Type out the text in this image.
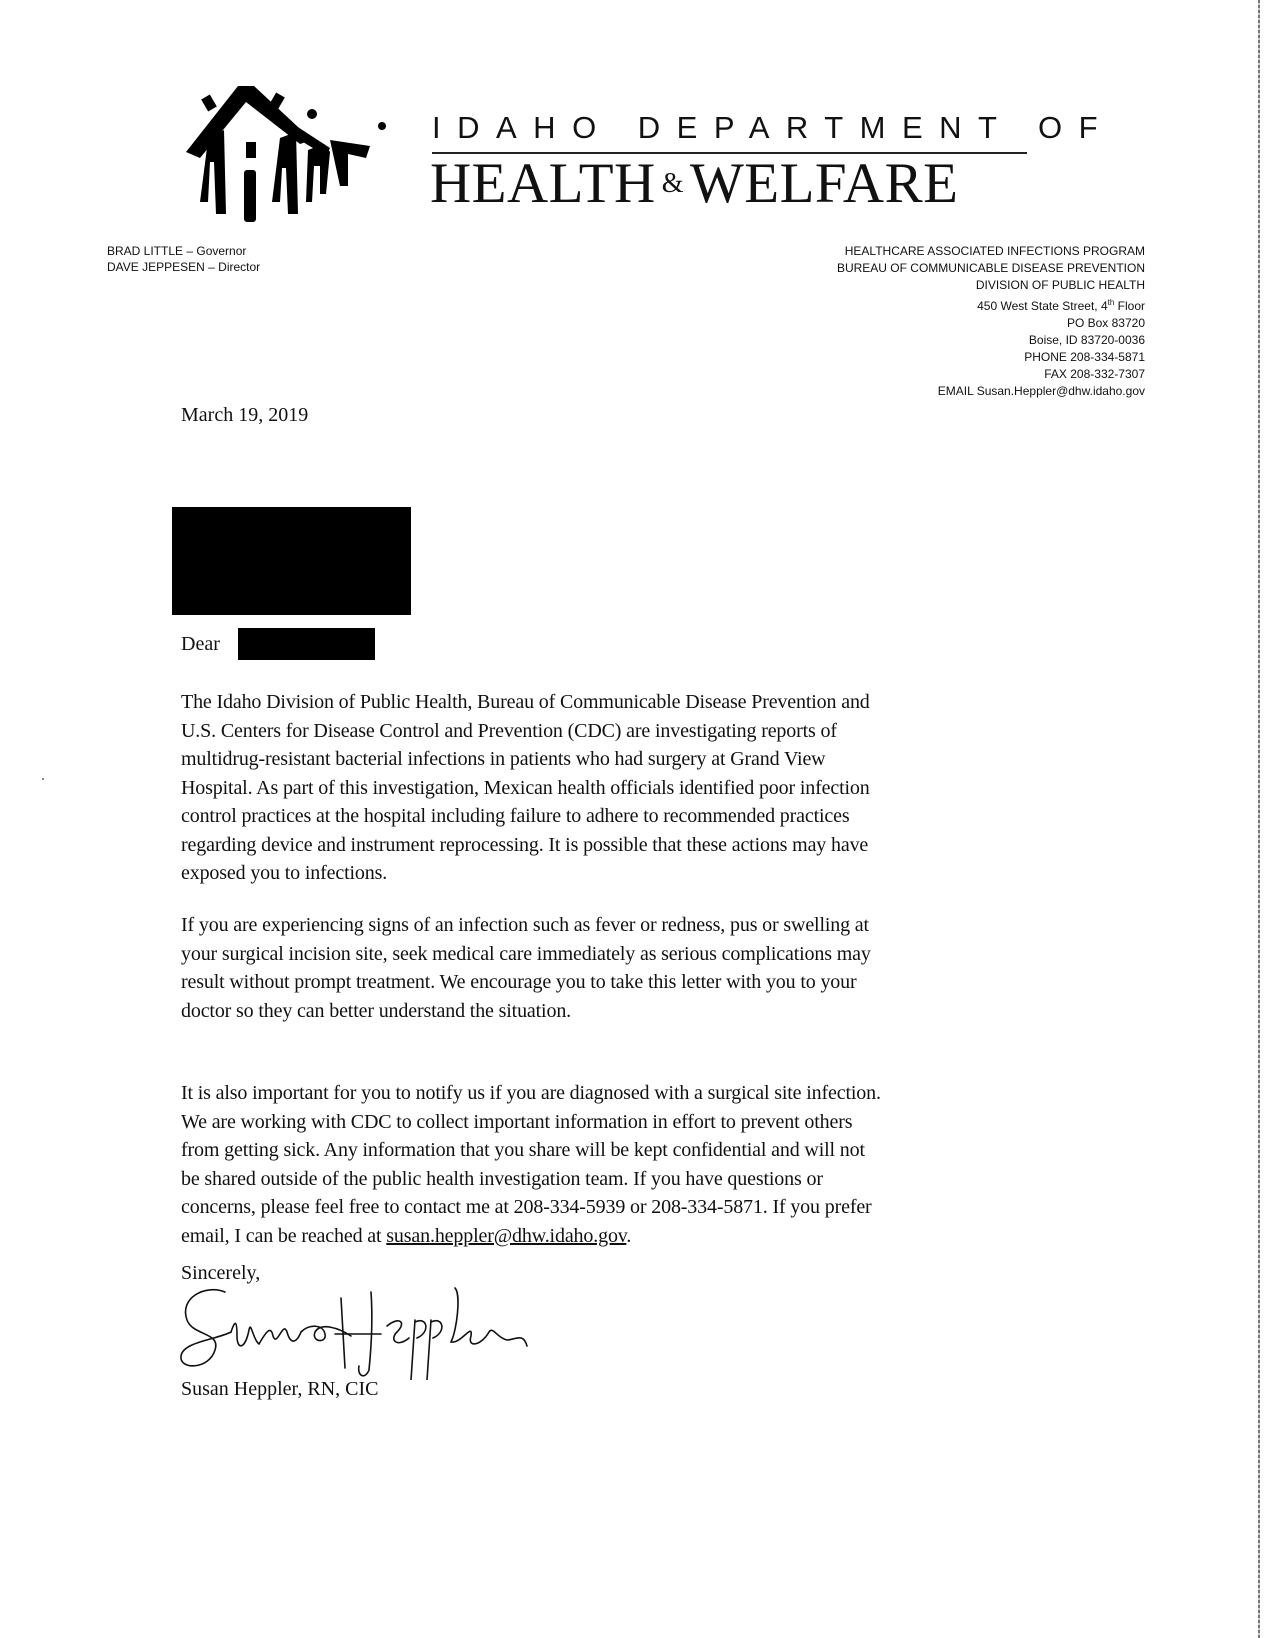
IDAHO DEPARTMENT OF
HEALTH & WELFARE
BRAD LITTLE – Governor
DAVE JEPPESEN – Director
HEALTHCARE ASSOCIATED INFECTIONS PROGRAM
BUREAU OF COMMUNICABLE DISEASE PREVENTION
DIVISION OF PUBLIC HEALTH
450 West State Street, 4th Floor
PO Box 83720
Boise, ID 83720-0036
PHONE 208-334-5871
FAX 208-332-7307
EMAIL Susan.Heppler@dhw.idaho.gov
March 19, 2019
Dear
The Idaho Division of Public Health, Bureau of Communicable Disease Prevention and
U.S. Centers for Disease Control and Prevention (CDC) are investigating reports of
multidrug-resistant bacterial infections in patients who had surgery at Grand View
Hospital. As part of this investigation, Mexican health officials identified poor infection
control practices at the hospital including failure to adhere to recommended practices
regarding device and instrument reprocessing. It is possible that these actions may have
exposed you to infections.
If you are experiencing signs of an infection such as fever or redness, pus or swelling at
your surgical incision site, seek medical care immediately as serious complications may
result without prompt treatment. We encourage you to take this letter with you to your
doctor so they can better understand the situation.
It is also important for you to notify us if you are diagnosed with a surgical site infection.
We are working with CDC to collect important information in effort to prevent others
from getting sick. Any information that you share will be kept confidential and will not
be shared outside of the public health investigation team. If you have questions or
concerns, please feel free to contact me at 208-334-5939 or 208-334-5871. If you prefer
email, I can be reached at susan.heppler@dhw.idaho.gov.
Sincerely,
Susan Heppler, RN, CIC
